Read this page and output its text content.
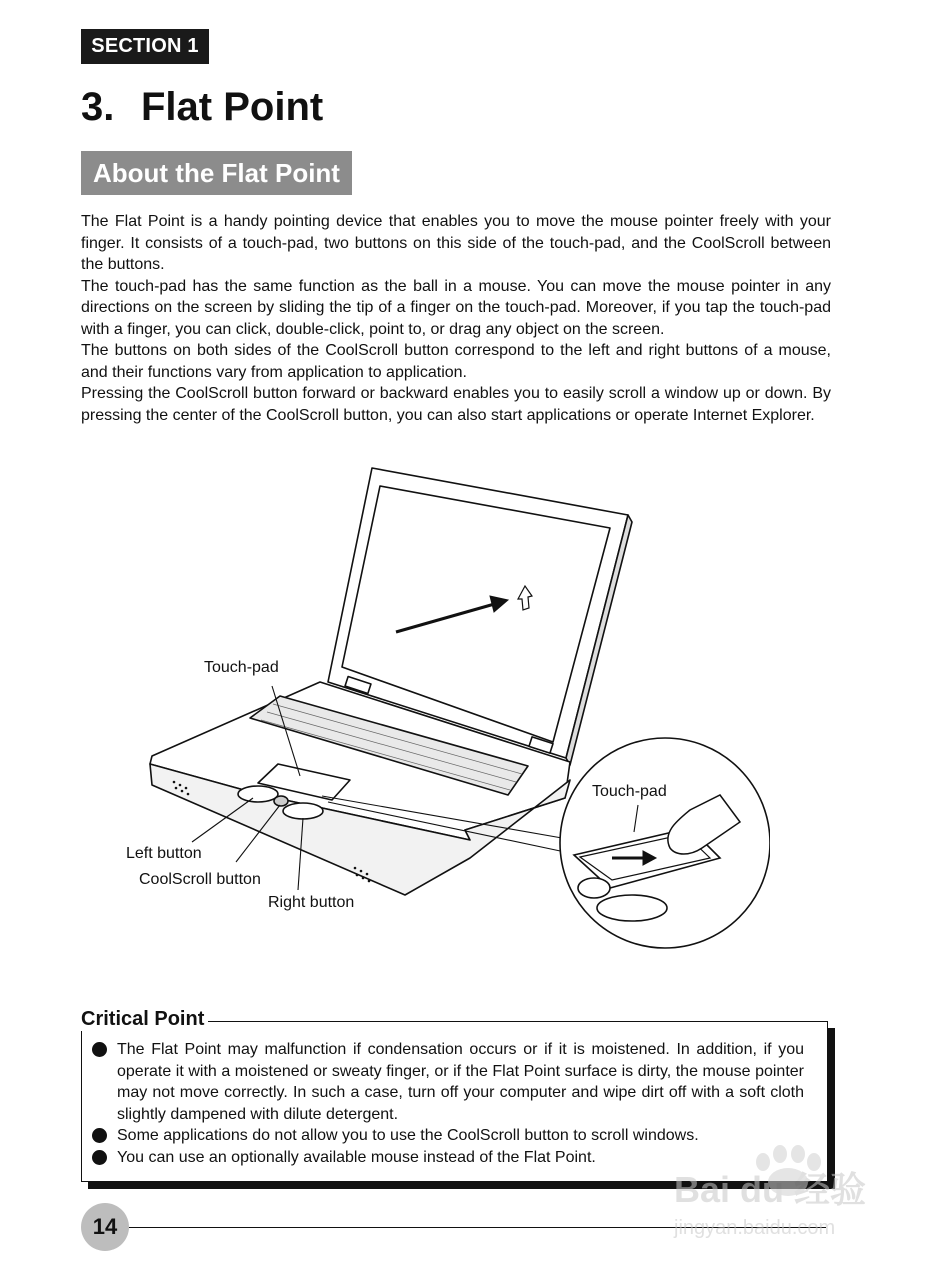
SECTION 1
3. Flat Point
About the Flat Point

The Flat Point is a handy pointing device that enables you to move the mouse pointer freely with your finger. It consists of a touch-pad, two buttons on this side of the touch-pad, and the CoolScroll between the buttons.

The touch-pad has the same function as the ball in a mouse. You can move the mouse pointer in any directions on the screen by sliding the tip of a finger on the touch-pad. Moreover, if you tap the touch-pad with a finger, you can click, double-click, point to, or drag any object on the screen.

The buttons on both sides of the CoolScroll button correspond to the left and right buttons of a mouse, and their functions vary from application to application.

Pressing the CoolScroll button forward or backward enables you to easily scroll a window up or down. By pressing the center of the CoolScroll button, you can also start applications or operate Internet Explorer.

Touch-pad
Touch-pad
Left button
CoolScroll button
Right button
Critical Point
The Flat Point may malfunction if condensation occurs or if it is moistened. In addition, if you operate it with a moistened or sweaty finger, or if the Flat Point surface is dirty, the mouse pointer may not move correctly. In such a case, turn off your computer and wipe dirt off with a soft cloth slightly dampened with dilute detergent.
Some applications do not allow you to use the CoolScroll button to scroll windows.
You can use an optionally available mouse instead of the Flat Point.
14
Bai du 经验
jingyan.baidu.com
